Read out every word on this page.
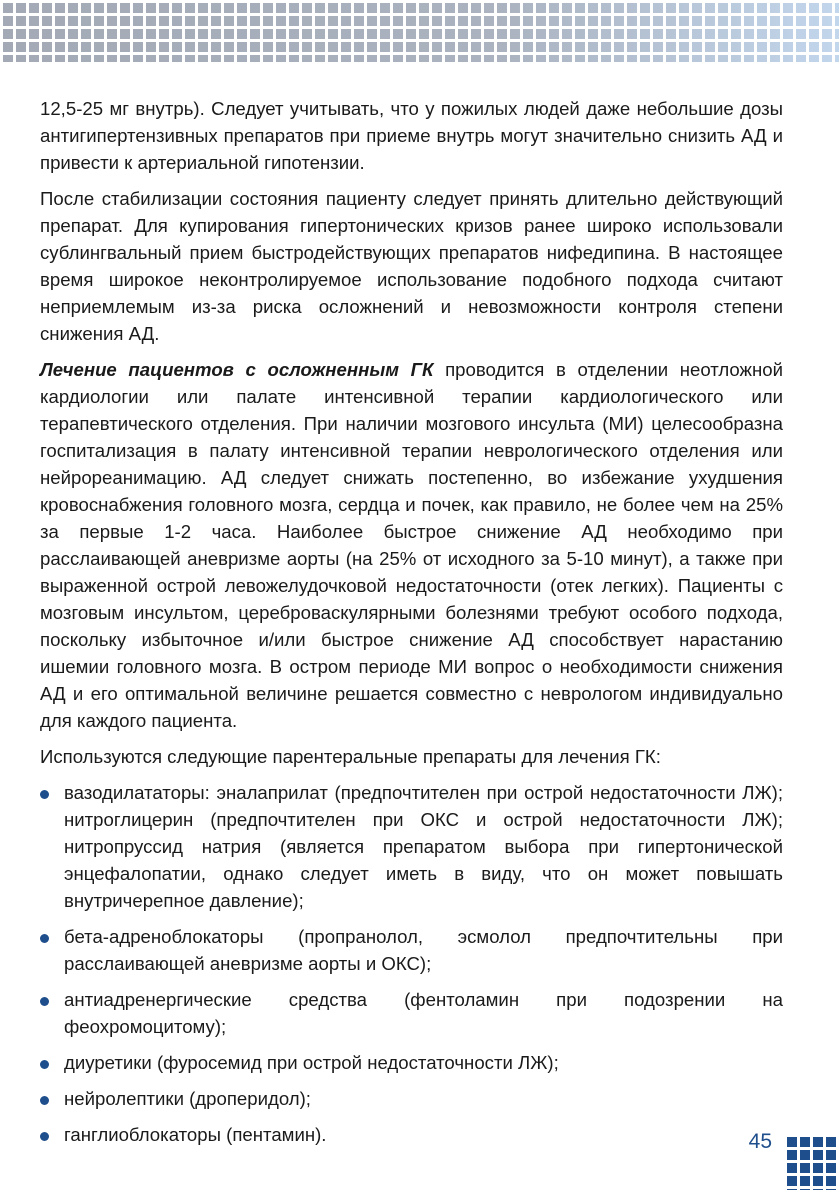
12,5-25 мг внутрь). Следует учитывать, что у пожилых людей даже небольшие дозы антигипертензивных препаратов при приеме внутрь могут значительно снизить АД и привести к артериальной гипотензии.

После стабилизации состояния пациенту следует принять длительно действующий препарат. Для купирования гипертонических кризов ранее широко использовали сублингвальный прием быстродействующих препаратов нифедипина. В настоящее время широкое неконтролируемое использование подобного подхода считают неприемлемым из-за риска осложнений и невозможности контроля степени снижения АД.

Лечение пациентов с осложненным ГК проводится в отделении неотложной кардиологии или палате интенсивной терапии кардиологического или терапевтического отделения. При наличии мозгового инсульта (МИ) целесообразна госпитализация в палату интенсивной терапии неврологического отделения или нейрореанимацию. АД следует снижать постепенно, во избежание ухудшения кровоснабжения головного мозга, сердца и почек, как правило, не более чем на 25% за первые 1-2 часа. Наиболее быстрое снижение АД необходимо при расслаивающей аневризме аорты (на 25% от исходного за 5-10 минут), а также при выраженной острой левожелудочковой недостаточности (отек легких). Пациенты с мозговым инсультом, цереброваскулярными болезнями требуют особого подхода, поскольку избыточное и/или быстрое снижение АД способствует нарастанию ишемии головного мозга. В остром периоде МИ вопрос о необходимости снижения АД и его оптимальной величине решается совместно с неврологом индивидуально для каждого пациента.

Используются следующие парентеральные препараты для лечения ГК:

вазодилататоры: эналаприлат (предпочтителен при острой недостаточности ЛЖ); нитроглицерин (предпочтителен при ОКС и острой недостаточности ЛЖ); нитропруссид натрия (является препаратом выбора при гипертонической энцефалопатии, однако следует иметь в виду, что он может повышать внутричерепное давление);
бета-адреноблокаторы (пропранолол, эсмолол предпочтительны при расслаивающей аневризме аорты и ОКС);
антиадренергические средства (фентоламин при подозрении на феохромоцитому);
диуретики (фуросемид при острой недостаточности ЛЖ);
нейролептики (дроперидол);
ганглиоблокаторы (пентамин).	45
